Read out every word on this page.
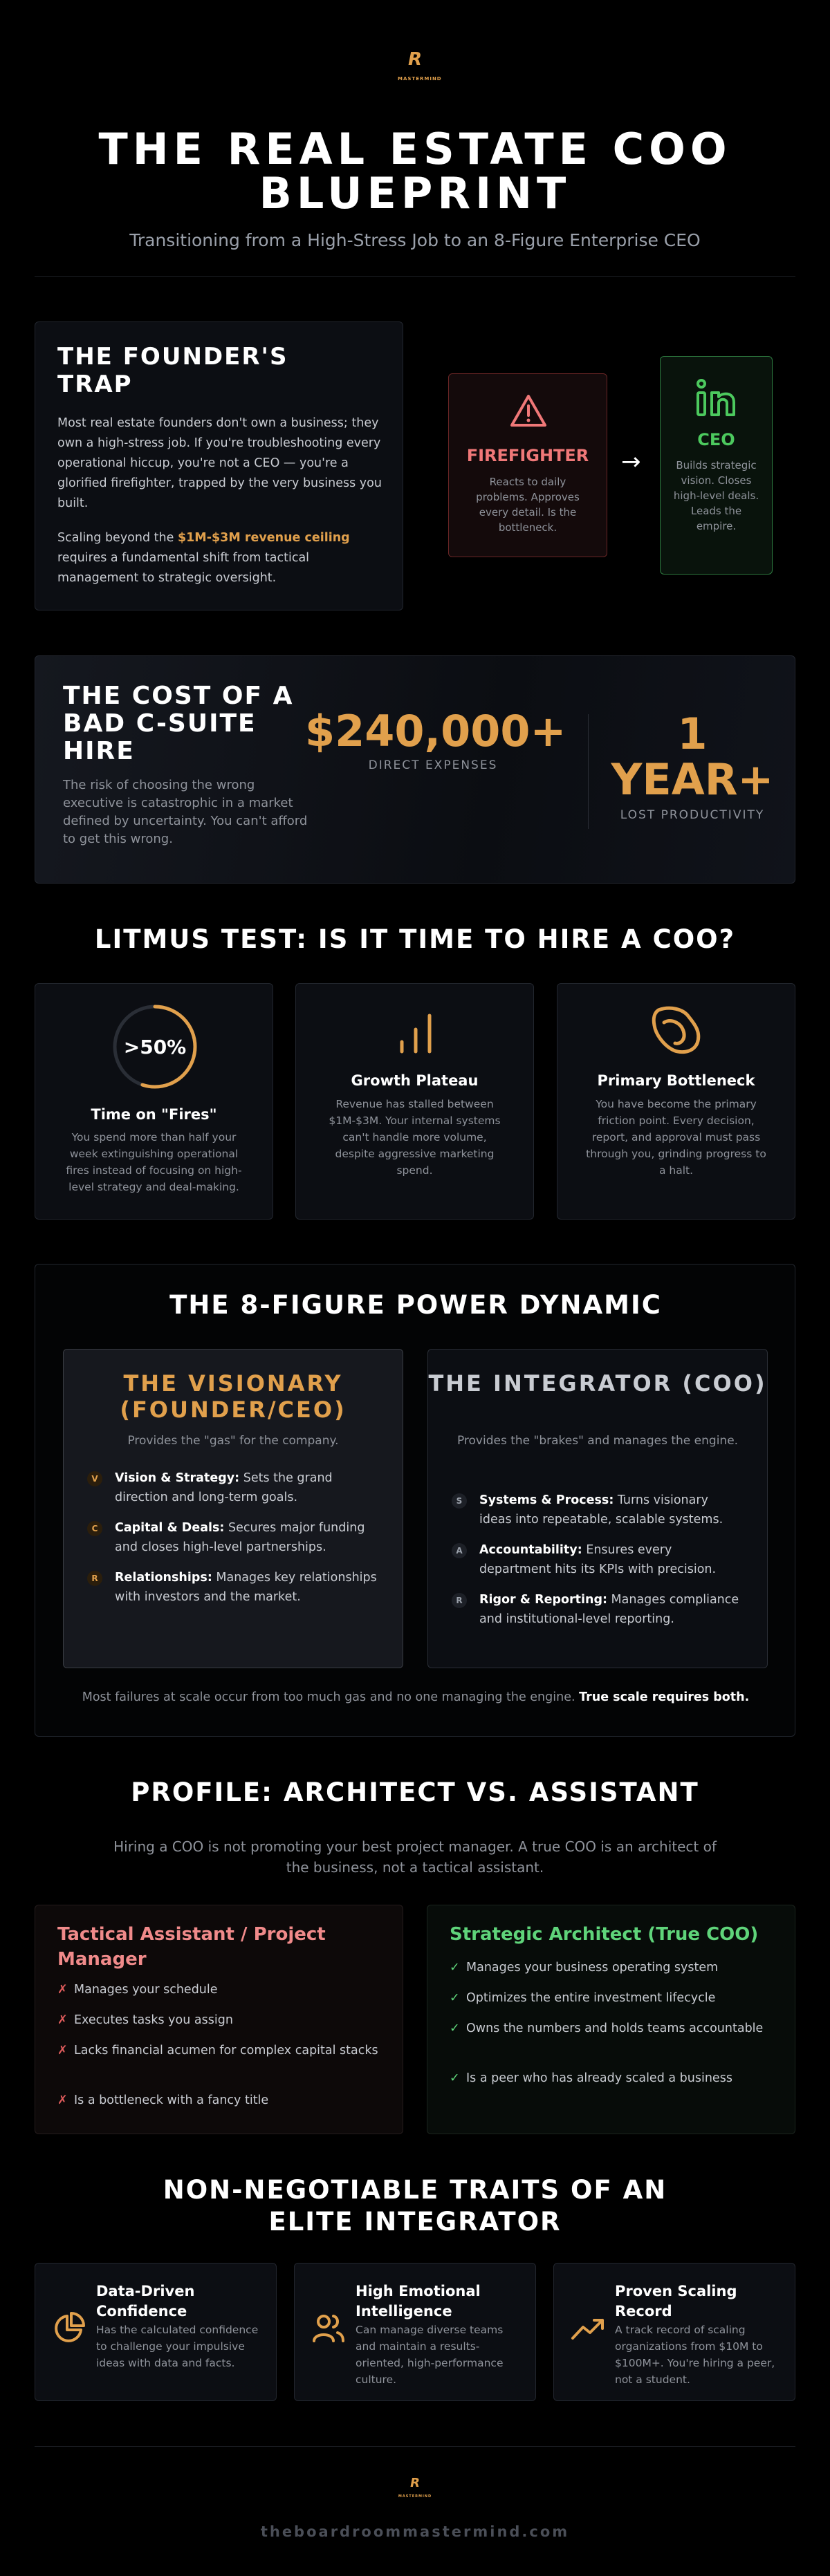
R
MASTERMIND
THE REAL ESTATE COO BLUEPRINT
Transitioning from a High-Stress Job to an 8-Figure Enterprise CEO
THE FOUNDER'S TRAP
Most real estate founders don't own a business; they own a high-stress job. If you're troubleshooting every operational hiccup, you're not a CEO — you're a glorified firefighter, trapped by the very business you built.
Scaling beyond the $1M-$3M revenue ceiling requires a fundamental shift from tactical management to strategic oversight.
FIREFIGHTER
Reacts to daily problems. Approves every detail. Is the bottleneck.
→
CEO
Builds strategic vision. Closes high-level deals. Leads the empire.
THE COST OF A BAD C-SUITE HIRE
The risk of choosing the wrong executive is catastrophic in a market defined by uncertainty. You can't afford to get this wrong.
$240,000+
DIRECT EXPENSES
1 YEAR+
LOST PRODUCTIVITY
LITMUS TEST: IS IT TIME TO HIRE A COO?
>50%
Time on "Fires"
You spend more than half your week extinguishing operational fires instead of focusing on high-level strategy and deal-making.
Growth Plateau
Revenue has stalled between $1M-$3M. Your internal systems can't handle more volume, despite aggressive marketing spend.
Primary Bottleneck
You have become the primary friction point. Every decision, report, and approval must pass through you, grinding progress to a halt.
THE 8-FIGURE POWER DYNAMIC
THE VISIONARY (FOUNDER/CEO)
Provides the "gas" for the company.
V	Vision & Strategy: Sets the grand direction and long-term goals.
C	Capital & Deals: Secures major funding and closes high-level partnerships.
R	Relationships: Manages key relationships with investors and the market.
THE INTEGRATOR (COO)
Provides the "brakes" and manages the engine.
S	Systems & Process: Turns visionary ideas into repeatable, scalable systems.
A	Accountability: Ensures every department hits its KPIs with precision.
R	Rigor & Reporting: Manages compliance and institutional-level reporting.
Most failures at scale occur from too much gas and no one managing the engine. True scale requires both.
PROFILE: ARCHITECT VS. ASSISTANT
Hiring a COO is not promoting your best project manager. A true COO is an architect of the business, not a tactical assistant.
Tactical Assistant / Project Manager
✗ Manages your schedule
✗ Executes tasks you assign
✗ Lacks financial acumen for complex capital stacks
✗ Is a bottleneck with a fancy title
Strategic Architect (True COO)
✓ Manages your business operating system
✓ Optimizes the entire investment lifecycle
✓ Owns the numbers and holds teams accountable
✓ Is a peer who has already scaled a business
NON-NEGOTIABLE TRAITS OF AN ELITE INTEGRATOR
Data-Driven Confidence
Has the calculated confidence to challenge your impulsive ideas with data and facts.
High Emotional Intelligence
Can manage diverse teams and maintain a results-oriented, high-performance culture.
Proven Scaling Record
A track record of scaling organizations from $10M to $100M+. You're hiring a peer, not a student.
R
MASTERMIND
theboardroommastermind.com
